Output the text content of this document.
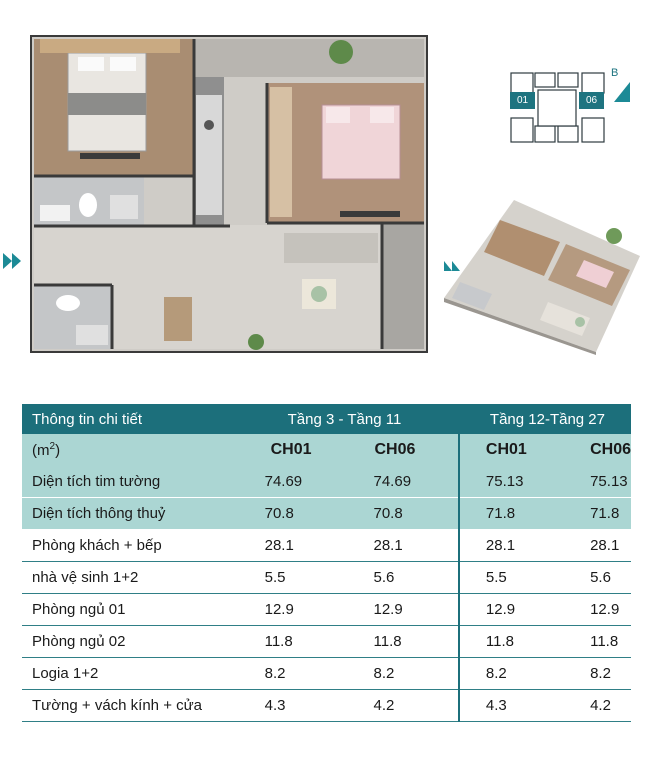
01	06
B
Thông tin chi tiết	Tầng 3 - Tầng 11		Tầng 12-Tầng 27	
$(m^2)$	CH01	CH06	CH01	CH06
Diện tích tim tường	74.69	74.69	75.13	75.13
Diện tích thông thuỷ	70.8	70.8	71.8	71.8
Phòng khách + bếp	28.1	28.1	28.1	28.1
nhà vệ sinh 1+2	5.5	5.6	5.5	5.6
Phòng ngủ 01	12.9	12.9	12.9	12.9
Phòng ngủ 02	11.8	11.8	11.8	11.8
Logia 1+2	8.2	8.2	8.2	8.2
Tường + vách kính + cửa	4.3	4.2	4.3	4.2
